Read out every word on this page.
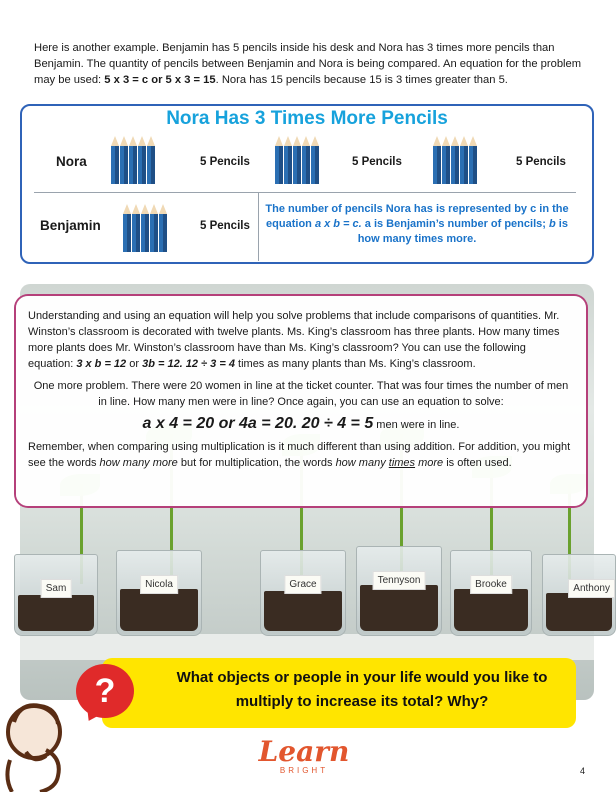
Here is another example. Benjamin has 5 pencils inside his desk and Nora has 3 times more pencils than Benjamin. The quantity of pencils between Benjamin and Nora is being compared. An equation for the problem may be used: 5 x 3 = c or 5 x 3 = 15. Nora has 15 pencils because 15 is 3 times greater than 5.
Nora Has 3 Times More Pencils
Nora	5 Pencils	5 Pencils	5 Pencils
Benjamin	5 Pencils
The number of pencils Nora has is represented by c in the equation a x b = c. a is Benjamin’s number of pencils; b is how many times more.
Sam	Nicola	Grace	Tennyson	Brooke	Anthony

Understanding and using an equation will help you solve problems that include comparisons of quantities. Mr. Winston’s classroom is decorated with twelve plants. Ms. King’s classroom has three plants. How many times more plants does Mr. Winston’s classroom have than Ms. King’s classroom? You can use the following equation: 3 x b = 12 or 3b = 12. 12 ÷ 3 = 4 times as many plants than Ms. King’s classroom.

One more problem. There were 20 women in line at the ticket counter. That was four times the number of men in line. How many men were in line? Once again, you can use an equation to solve:

a x 4 = 20 or 4a = 20. 20 ÷ 4 = 5 men were in line.

Remember, when comparing using multiplication is it much different than using addition. For addition, you might see the words how many more but for multiplication, the words how many times more is often used.

What objects or people in your life would you like to multiply to increase its total? Why?
?
Learn
BRIGHT	4
